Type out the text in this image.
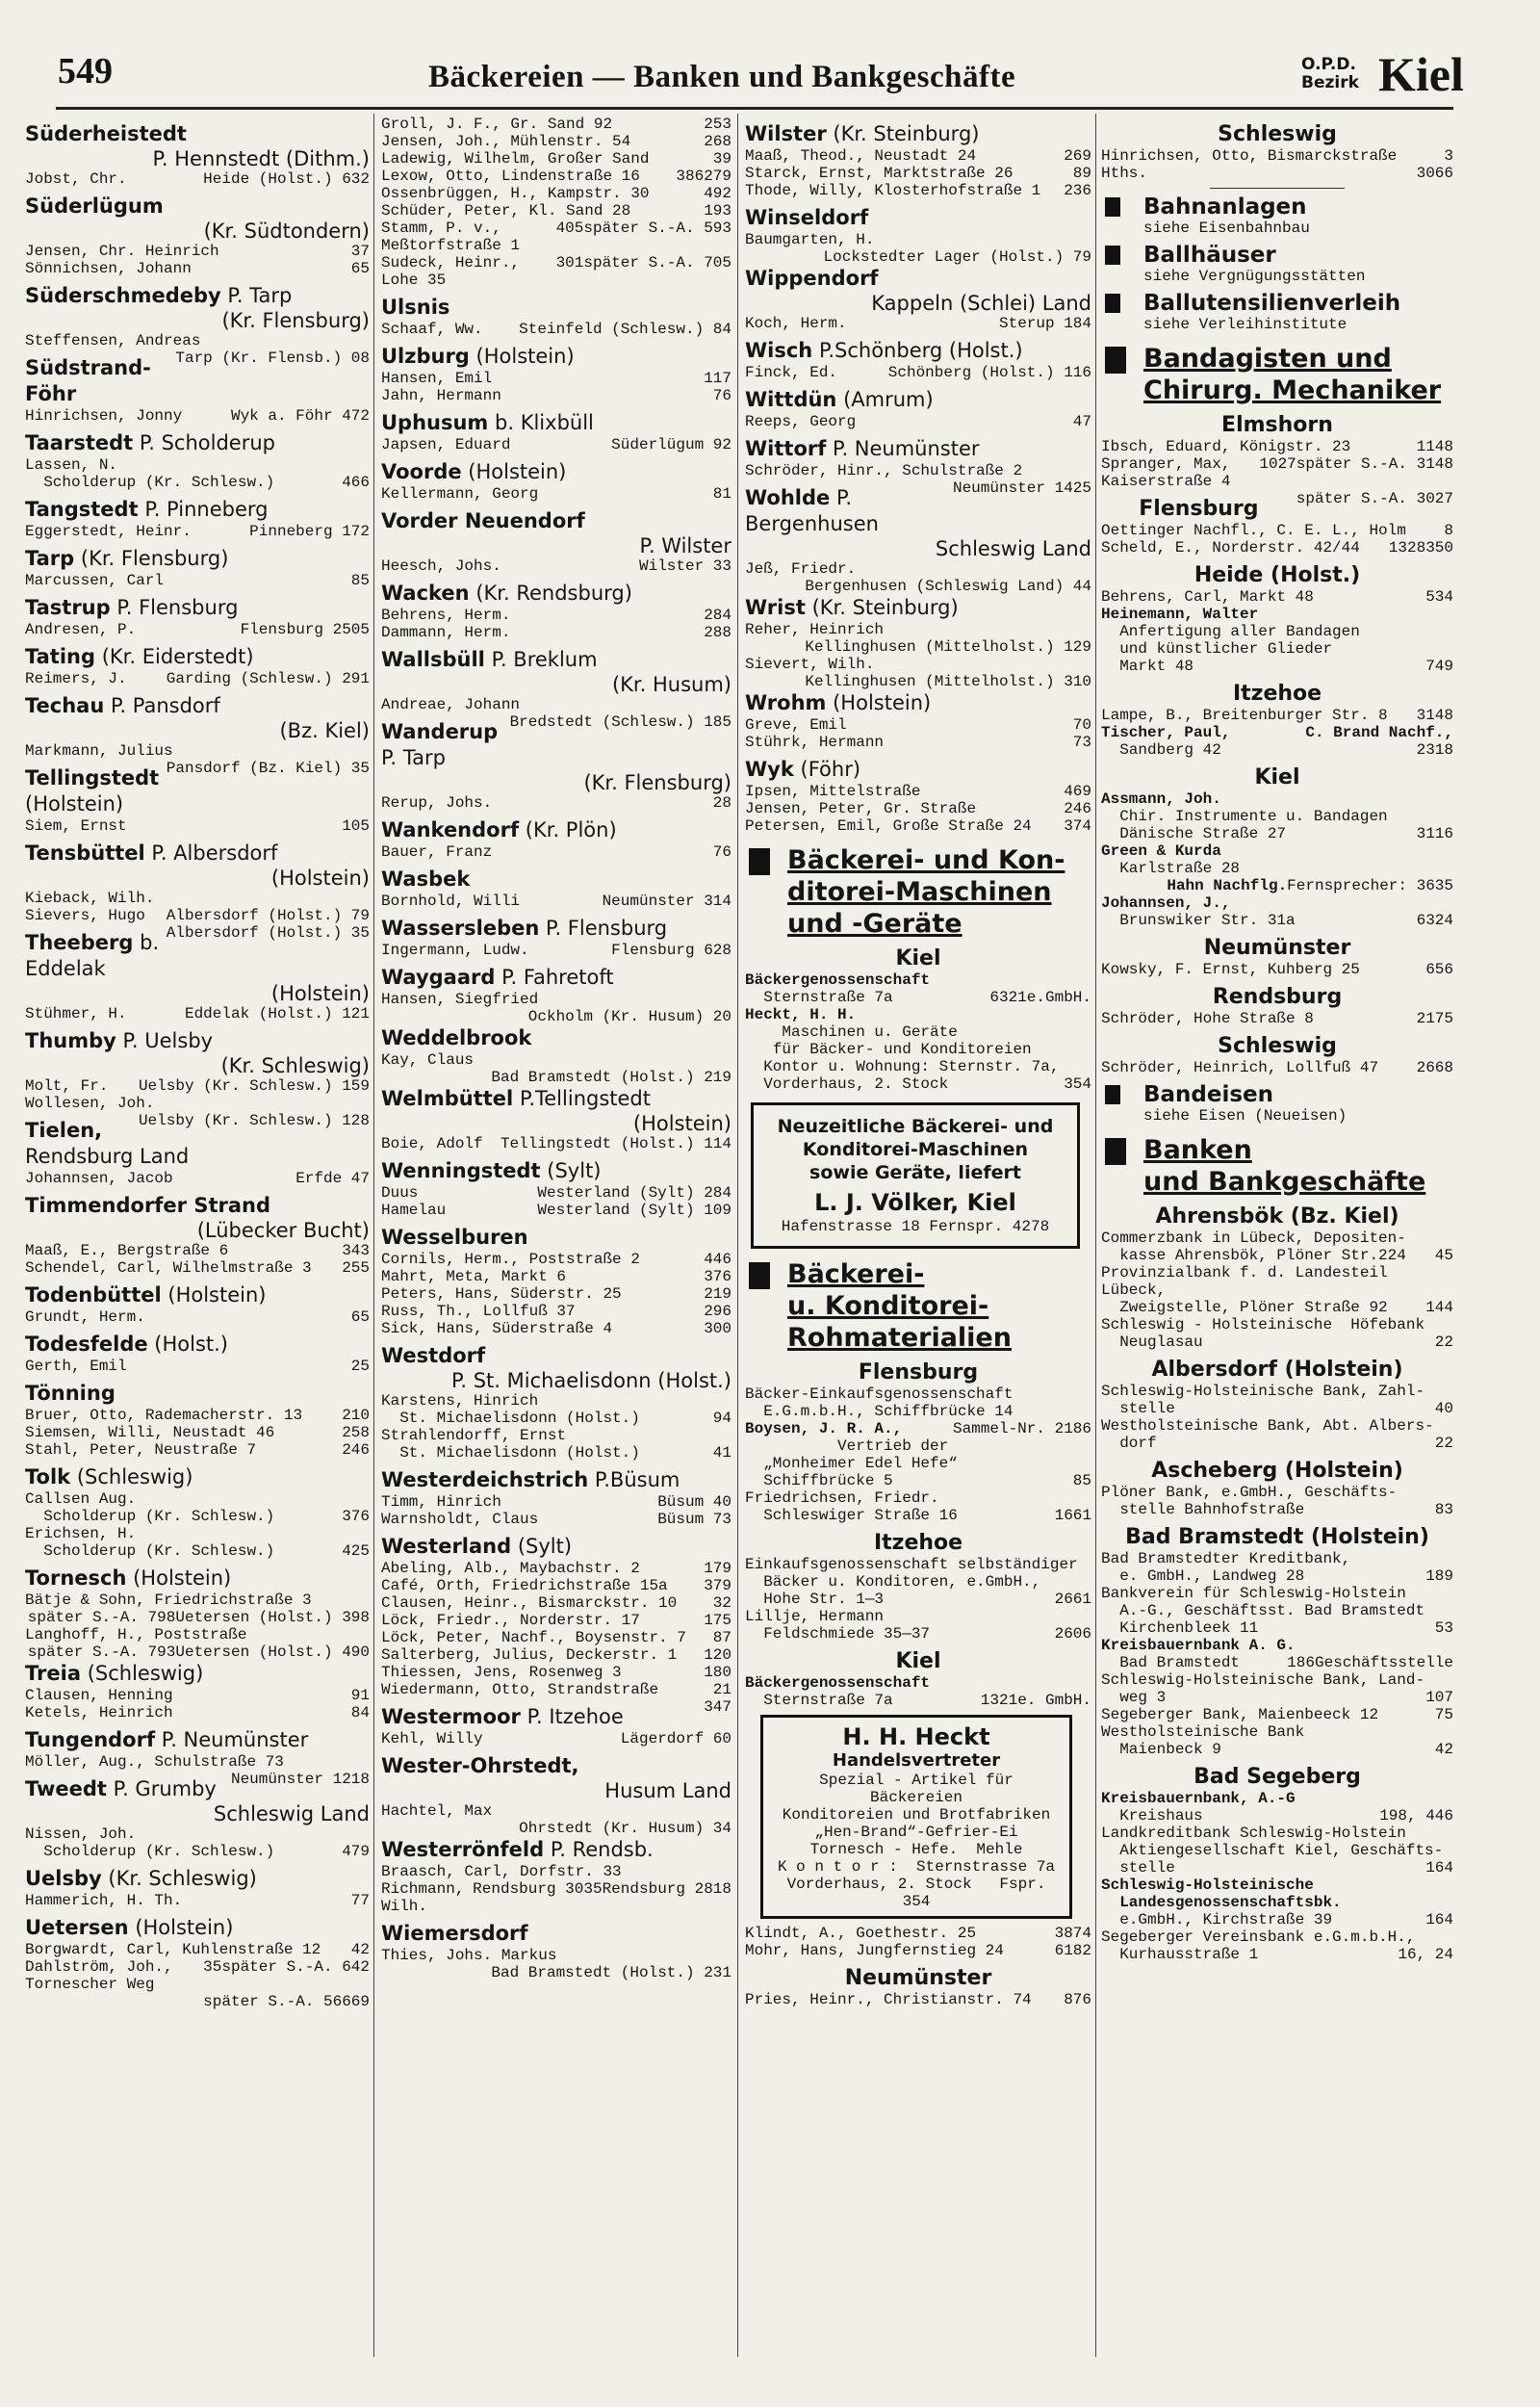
549	Bäckereien — Banken und Bankgeschäfte	O.P.D.
Bezirk Kiel
Süderheistedt
P. Hennstedt (Dithm.)
Heide (Holst.) 632
Jobst, Chr.
Süderlügum
(Kr. Südtondern)
37
Jensen, Chr. Heinrich
65
Sönnichsen, Johann
Süderschmedeby P. Tarp
(Kr. Flensburg)
Steffensen, Andreas
Tarp (Kr. Flensb.) 08
Südstrand-Föhr
Wyk a. Föhr 472
Hinrichsen, Jonny
Taarstedt P. Scholderup
Lassen, N.
466
Scholderup (Kr. Schlesw.)
Tangstedt P. Pinneberg
Pinneberg 172
Eggerstedt, Heinr.
Tarp (Kr. Flensburg)
85
Marcussen, Carl
Tastrup P. Flensburg
Flensburg 2505
Andresen, P.
Tating (Kr. Eiderstedt)
Garding (Schlesw.) 291
Reimers, J.
Techau P. Pansdorf
(Bz. Kiel)
Markmann, Julius
Pansdorf (Bz. Kiel) 35
Tellingstedt (Holstein)
105
Siem, Ernst
Tensbüttel P. Albersdorf
(Holstein)
Kieback, Wilh.
Albersdorf (Holst.) 79
Sievers, Hugo
Albersdorf (Holst.) 35
Theeberg b. Eddelak
(Holstein)
Eddelak (Holst.) 121
Stühmer, H.
Thumby P. Uelsby
(Kr. Schleswig)
Uelsby (Kr. Schlesw.) 159
Molt, Fr.
Wollesen, Joh.
Uelsby (Kr. Schlesw.) 128
Tielen, Rendsburg Land
Erfde 47
Johannsen, Jacob
Timmendorfer Strand
(Lübecker Bucht)
343
Maaß, E., Bergstraße 6
255
Schendel, Carl, Wilhelmstraße 3
Todenbüttel (Holstein)
65
Grundt, Herm.
Todesfelde (Holst.)
25
Gerth, Emil
Tönning
210
Bruer, Otto, Rademacherstr. 13
258
Siemsen, Willi, Neustadt 46
246
Stahl, Peter, Neustraße 7
Tolk (Schleswig)
Callsen Aug.
376
Scholderup (Kr. Schlesw.)
Erichsen, H.
425
Scholderup (Kr. Schlesw.)
Tornesch (Holstein)
Bätje & Sohn, Friedrichstraße 3
Uetersen (Holst.) 398
später S.-A. 798
Langhoff, H., Poststraße
Uetersen (Holst.) 490
später S.-A. 793
Treia (Schleswig)
91
Clausen, Henning
84
Ketels, Heinrich
Tungendorf P. Neumünster
Möller, Aug., Schulstraße 73
Neumünster 1218
Tweedt P. Grumby
Schleswig Land
Nissen, Joh.
479
Scholderup (Kr. Schlesw.)
Uelsby (Kr. Schleswig)
77
Hammerich, H. Th.
Uetersen (Holstein)
42
Borgwardt, Carl, Kuhlenstraße 12
später S.-A. 642
35
Dahlström, Joh., Tornescher Weg
69
später S.-A. 566
253
Groll, J. F., Gr. Sand 92
268
Jensen, Joh., Mühlenstr. 54
39
Ladewig, Wilhelm, Großer Sand
279
386
Lexow, Otto, Lindenstraße 16
492
Ossenbrüggen, H., Kampstr. 30
193
Schüder, Peter, Kl. Sand 28
später S.-A. 593
405
Stamm, P. v., Meßtorfstraße 1
später S.-A. 705
301
Sudeck, Heinr., Lohe 35
Ulsnis
Steinfeld (Schlesw.) 84
Schaaf, Ww.
Ulzburg (Holstein)
117
Hansen, Emil
76
Jahn, Hermann
Uphusum b. Klixbüll
Süderlügum 92
Japsen, Eduard
Voorde (Holstein)
81
Kellermann, Georg
Vorder Neuendorf
P. Wilster
Wilster 33
Heesch, Johs.
Wacken (Kr. Rendsburg)
284
Behrens, Herm.
288
Dammann, Herm.
Wallsbüll P. Breklum
(Kr. Husum)
Andreae, Johann
Bredstedt (Schlesw.) 185
Wanderup P. Tarp
(Kr. Flensburg)
28
Rerup, Johs.
Wankendorf (Kr. Plön)
76
Bauer, Franz
Wasbek
Neumünster 314
Bornhold, Willi
Wassersleben P. Flensburg
Flensburg 628
Ingermann, Ludw.
Waygaard P. Fahretoft
Hansen, Siegfried
Ockholm (Kr. Husum) 20
Weddelbrook
Kay, Claus
Bad Bramstedt (Holst.) 219
Welmbüttel P.Tellingstedt
(Holstein)
Tellingstedt (Holst.) 114
Boie, Adolf
Wenningstedt (Sylt)
Westerland (Sylt) 284
Duus
Westerland (Sylt) 109
Hamelau
Wesselburen
446
Cornils, Herm., Poststraße 2
376
Mahrt, Meta, Markt 6
219
Peters, Hans, Süderstr. 25
296
Russ, Th., Lollfuß 37
300
Sick, Hans, Süderstraße 4
Westdorf
P. St. Michaelisdonn (Holst.)
Karstens, Hinrich
94
St. Michaelisdonn (Holst.)
Strahlendorff, Ernst
41
St. Michaelisdonn (Holst.)
Westerdeichstrich P.Büsum
Büsum 40
Timm, Hinrich
Büsum 73
Warnsholdt, Claus
Westerland (Sylt)
179
Abeling, Alb., Maybachstr. 2
379
Café, Orth, Friedrichstraße 15a
32
Clausen, Heinr., Bismarckstr. 10
175
Löck, Friedr., Norderstr. 17
87
Löck, Peter, Nachf., Boysenstr. 7
120
Salterberg, Julius, Deckerstr. 1
180
Thiessen, Jens, Rosenweg 3
21
Wiedermann, Otto, Strandstraße
347
Westermoor P. Itzehoe
Lägerdorf 60
Kehl, Willy
Wester-Ohrstedt,
Husum Land
Hachtel, Max
Ohrstedt (Kr. Husum) 34
Westerrönfeld P. Rendsb.
Braasch, Carl, Dorfstr. 33
Rendsburg 2818
Rendsburg 3035
Richmann, Wilh.
Wiemersdorf
Thies, Johs. Markus
Bad Bramstedt (Holst.) 231
Wilster (Kr. Steinburg)
269
Maaß, Theod., Neustadt 24
89
Starck, Ernst, Marktstraße 26
236
Thode, Willy, Klosterhofstraße 1
Winseldorf
Baumgarten, H.
Lockstedter Lager (Holst.) 79
Wippendorf
Kappeln (Schlei) Land
Sterup 184
Koch, Herm.
Wisch P.Schönberg (Holst.)
Schönberg (Holst.) 116
Finck, Ed.
Wittdün (Amrum)
47
Reeps, Georg
Wittorf P. Neumünster
Schröder, Hinr., Schulstraße 2
Neumünster 1425
Wohlde P. Bergenhusen
Schleswig Land
Jeß, Friedr.
Bergenhusen (Schleswig Land) 44
Wrist (Kr. Steinburg)
Reher, Heinrich
Kellinghusen (Mittelholst.) 129
Sievert, Wilh.
Kellinghusen (Mittelholst.) 310
Wrohm (Holstein)
70
Greve, Emil
73
Stührk, Hermann
Wyk (Föhr)
469
Ipsen, Mittelstraße
246
Jensen, Peter, Gr. Straße
374
Petersen, Emil, Große Straße 24
Bäckerei- und Kon-
ditorei-Maschinen
und -Geräte
Kiel
Bäckergenossenschaft
e.GmbH.
6321
Sternstraße 7a
Heckt, H. H.
Maschinen u. Geräte
für Bäcker- und Konditoreien
Kontor u. Wohnung: Sternstr. 7a,
354
Vorderhaus, 2. Stock
Neuzeitliche Bäckerei- und
Konditorei-Maschinen
sowie Geräte, liefert
L. J. Völker, Kiel
Hafenstrasse 18 Fernspr. 4278
Bäckerei-
u. Konditorei-
Rohmaterialien
Flensburg
Bäcker-Einkaufsgenossenschaft
E.G.m.b.H., Schiffbrücke 14
Sammel-Nr. 2186
Boysen, J. R. A.,
Vertrieb der
„Monheimer Edel Hefe“
85
Schiffbrücke 5
Friedrichsen, Friedr.
1661
Schleswiger Straße 16
Itzehoe
Einkaufsgenossenschaft selbständiger
Bäcker u. Konditoren, e.GmbH.,
2661
Hohe Str. 1—3
Lillje, Hermann
2606
Feldschmiede 35—37
Kiel
Bäckergenossenschaft
e. GmbH.
1321
Sternstraße 7a
H. H. Heckt
Handelsvertreter
Spezial - Artikel für Bäckereien
Konditoreien und Brotfabriken
„Hen-Brand“-Gefrier-Ei
Tornesch - Hefe.  Mehle
K o n t o r :  Sternstrasse 7a
Vorderhaus, 2. Stock   Fspr. 354
3874
Klindt, A., Goethestr. 25
6182
Mohr, Hans, Jungfernstieg 24
Neumünster
876
Pries, Heinr., Christianstr. 74
Schleswig
3
Hinrichsen, Otto, Bismarckstraße
3066
Hths.
Bahnanlagen
siehe Eisenbahnbau
Ballhäuser
siehe Vergnügungsstätten
Ballutensilienverleih
siehe Verleihinstitute
Bandagisten und
Chirurg. Mechaniker
Elmshorn
1148
Ibsch, Eduard, Königstr. 23
später S.-A. 3148
1027
Spranger, Max, Kaiserstraße 4
später S.-A. 3027
Flensburg
8
Oettinger Nachfl., C. E. L., Holm
350
1328
Scheld, E., Norderstr. 42/44
Heide (Holst.)
534
Behrens, Carl, Markt 48
Heinemann, Walter
Anfertigung aller Bandagen
und künstlicher Glieder
749
Markt 48
Itzehoe
3148
Lampe, B., Breitenburger Str. 8
C. Brand Nachf.,
Tischer, Paul,
2318
Sandberg 42
Kiel
Assmann, Joh.
Chir. Instrumente u. Bandagen
3116
Dänische Straße 27
Green & Kurda
Karlstraße 28
Fernsprecher: 3635
Hahn Nachflg.
Johannsen, J.,
6324
Brunswiker Str. 31a
Neumünster
656
Kowsky, F. Ernst, Kuhberg 25
Rendsburg
2175
Schröder, Hohe Straße 8
Schleswig
2668
Schröder, Heinrich, Lollfuß 47
Bandeisen
siehe Eisen (Neueisen)
Banken
und Bankgeschäfte
Ahrensbök (Bz. Kiel)
Commerzbank in Lübeck, Depositen-
45
kasse Ahrensbök, Plöner Str.224
Provinzialbank f. d. Landesteil Lübeck,
144
Zweigstelle, Plöner Straße 92
Schleswig - Holsteinische  Höfebank
22
Neuglasau
Albersdorf (Holstein)
Schleswig-Holsteinische Bank, Zahl-
40
stelle
Westholsteinische Bank, Abt. Albers-
22
dorf
Ascheberg (Holstein)
Plöner Bank, e.GmbH., Geschäfts-
83
stelle Bahnhofstraße
Bad Bramstedt (Holstein)
Bad Bramstedter Kreditbank,
189
e. GmbH., Landweg 28
Bankverein für Schleswig-Holstein
A.-G., Geschäftsst. Bad Bramstedt
53
Kirchenbleek 11
Kreisbauernbank A. G.
Geschäftsstelle
186
Bad Bramstedt
Schleswig-Holsteinische Bank, Land-
107
weg 3
75
Segeberger Bank, Maienbeeck 12
Westholsteinische Bank
42
Maienbeck 9
Bad Segeberg
Kreisbauernbank, A.-G
198, 446
Kreishaus
Landkreditbank Schleswig-Holstein
Aktiengesellschaft Kiel, Geschäfts-
164
stelle
Schleswig-Holsteinische
Landesgenossenschaftsbk.
164
e.GmbH., Kirchstraße 39
Segeberger Vereinsbank e.G.m.b.H.,
16, 24
Kurhausstraße 1
